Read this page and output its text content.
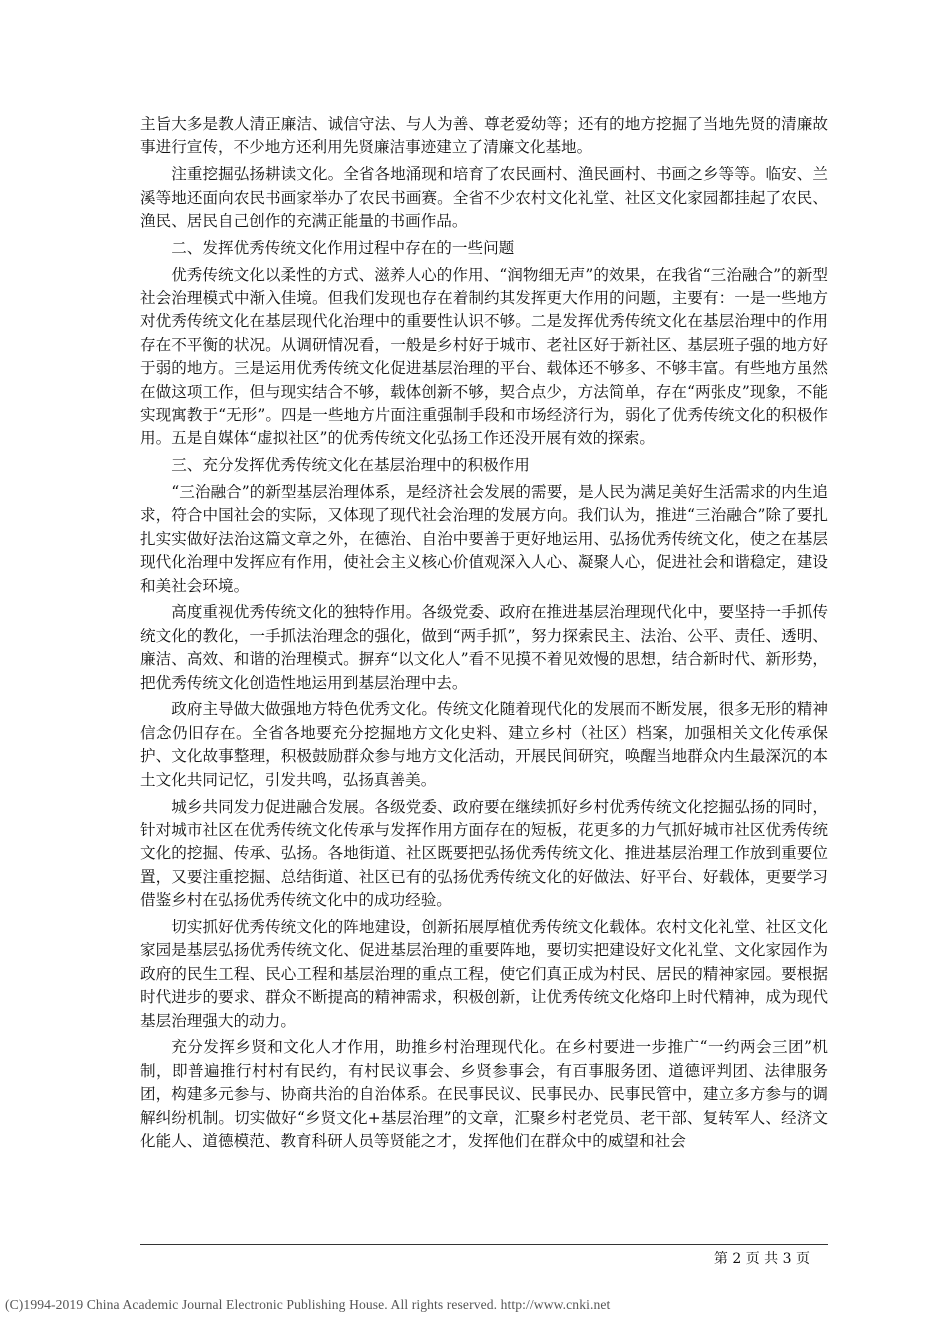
主旨大多是教人清正廉洁、诚信守法、与人为善、尊老爱幼等；还有的地方挖掘了当地先贤的清廉故事进行宣传，不少地方还利用先贤廉洁事迹建立了清廉文化基地。

注重挖掘弘扬耕读文化。全省各地涌现和培育了农民画村、渔民画村、书画之乡等等。临安、兰溪等地还面向农民书画家举办了农民书画赛。全省不少农村文化礼堂、社区文化家园都挂起了农民、渔民、居民自己创作的充满正能量的书画作品。

二、发挥优秀传统文化作用过程中存在的一些问题

优秀传统文化以柔性的方式、滋养人心的作用、“润物细无声”的效果，在我省“三治融合”的新型社会治理模式中渐入佳境。但我们发现也存在着制约其发挥更大作用的问题，主要有：一是一些地方对优秀传统文化在基层现代化治理中的重要性认识不够。二是发挥优秀传统文化在基层治理中的作用存在不平衡的状况。从调研情况看，一般是乡村好于城市、老社区好于新社区、基层班子强的地方好于弱的地方。三是运用优秀传统文化促进基层治理的平台、载体还不够多、不够丰富。有些地方虽然在做这项工作，但与现实结合不够，载体创新不够，契合点少，方法简单，存在“两张皮”现象，不能实现寓教于“无形”。四是一些地方片面注重强制手段和市场经济行为，弱化了优秀传统文化的积极作用。五是自媒体“虚拟社区”的优秀传统文化弘扬工作还没开展有效的探索。

三、充分发挥优秀传统文化在基层治理中的积极作用

“三治融合”的新型基层治理体系，是经济社会发展的需要，是人民为满足美好生活需求的内生追求，符合中国社会的实际，又体现了现代社会治理的发展方向。我们认为，推进“三治融合”除了要扎扎实实做好法治这篇文章之外，在德治、自治中要善于更好地运用、弘扬优秀传统文化，使之在基层现代化治理中发挥应有作用，使社会主义核心价值观深入人心、凝聚人心，促进社会和谐稳定，建设和美社会环境。

高度重视优秀传统文化的独特作用。各级党委、政府在推进基层治理现代化中，要坚持一手抓传统文化的教化，一手抓法治理念的强化，做到“两手抓”，努力探索民主、法治、公平、责任、透明、廉洁、高效、和谐的治理模式。摒弃“以文化人”看不见摸不着见效慢的思想，结合新时代、新形势，把优秀传统文化创造性地运用到基层治理中去。

政府主导做大做强地方特色优秀文化。传统文化随着现代化的发展而不断发展，很多无形的精神信念仍旧存在。全省各地要充分挖掘地方文化史料、建立乡村（社区）档案，加强相关文化传承保护、文化故事整理，积极鼓励群众参与地方文化活动，开展民间研究，唤醒当地群众内生最深沉的本土文化共同记忆，引发共鸣，弘扬真善美。

城乡共同发力促进融合发展。各级党委、政府要在继续抓好乡村优秀传统文化挖掘弘扬的同时，针对城市社区在优秀传统文化传承与发挥作用方面存在的短板，花更多的力气抓好城市社区优秀传统文化的挖掘、传承、弘扬。各地街道、社区既要把弘扬优秀传统文化、推进基层治理工作放到重要位置，又要注重挖掘、总结街道、社区已有的弘扬优秀传统文化的好做法、好平台、好载体，更要学习借鉴乡村在弘扬优秀传统文化中的成功经验。

切实抓好优秀传统文化的阵地建设，创新拓展厚植优秀传统文化载体。农村文化礼堂、社区文化家园是基层弘扬优秀传统文化、促进基层治理的重要阵地，要切实把建设好文化礼堂、文化家园作为政府的民生工程、民心工程和基层治理的重点工程，使它们真正成为村民、居民的精神家园。要根据时代进步的要求、群众不断提高的精神需求，积极创新，让优秀传统文化烙印上时代精神，成为现代基层治理强大的动力。

充分发挥乡贤和文化人才作用，助推乡村治理现代化。在乡村要进一步推广“一约两会三团”机制，即普遍推行村村有民约，有村民议事会、乡贤参事会，有百事服务团、道德评判团、法律服务团，构建多元参与、协商共治的自治体系。在民事民议、民事民办、民事民管中，建立多方参与的调解纠纷机制。切实做好“乡贤文化+基层治理”的文章，汇聚乡村老党员、老干部、复转军人、经济文化能人、道德模范、教育科研人员等贤能之才，发挥他们在群众中的威望和社会

第 2 页 共 3 页
(C)1994-2019 China Academic Journal Electronic Publishing House. All rights reserved. http://www.cnki.net
